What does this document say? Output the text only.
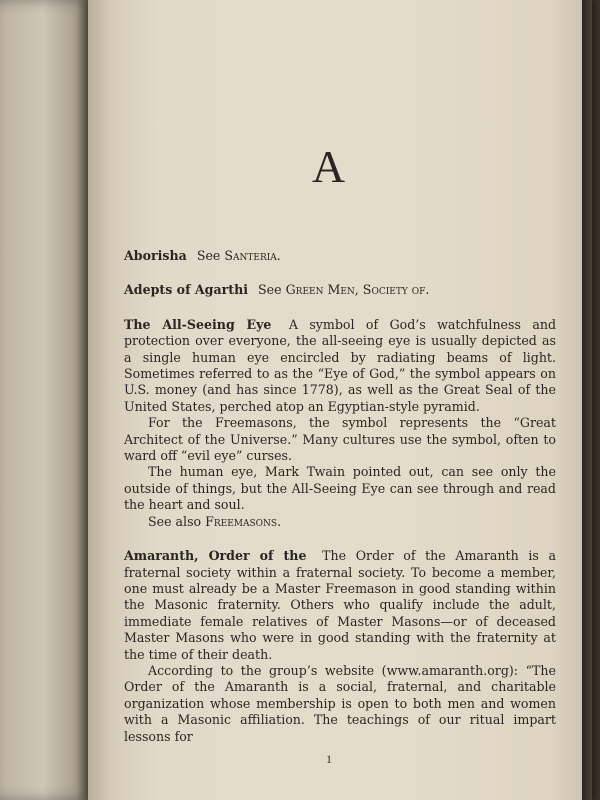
A

Aborisha See Santeria.

Adepts of Agarthi See Green Men, Society of.

The All-Seeing Eye A symbol of God’s watchfulness and protection over everyone, the all-seeing eye is usually depicted as a single human eye encircled by radiating beams of light. Sometimes referred to as the “Eye of God,” the symbol appears on U.S. money (and has since 1778), as well as the Great Seal of the United States, perched atop an Egyptian-style pyramid.

For the Freemasons, the symbol represents the “Great Architect of the Universe.” Many cultures use the symbol, often to ward off “evil eye” curses.

The human eye, Mark Twain pointed out, can see only the outside of things, but the All-Seeing Eye can see through and read the heart and soul.

See also Freemasons.

Amaranth, Order of the The Order of the Amaranth is a fraternal society within a fraternal society. To become a member, one must already be a Master Freemason in good standing within the Masonic fraternity. Others who qualify include the adult, immediate female relatives of Master Masons—or of deceased Master Masons who were in good standing with the fraternity at the time of their death.

According to the group’s website (www.amaranth.org): “The Order of the Amaranth is a social, fraternal, and charitable organization whose membership is open to both men and women with a Masonic affiliation. The teachings of our ritual impart lessons for

1
